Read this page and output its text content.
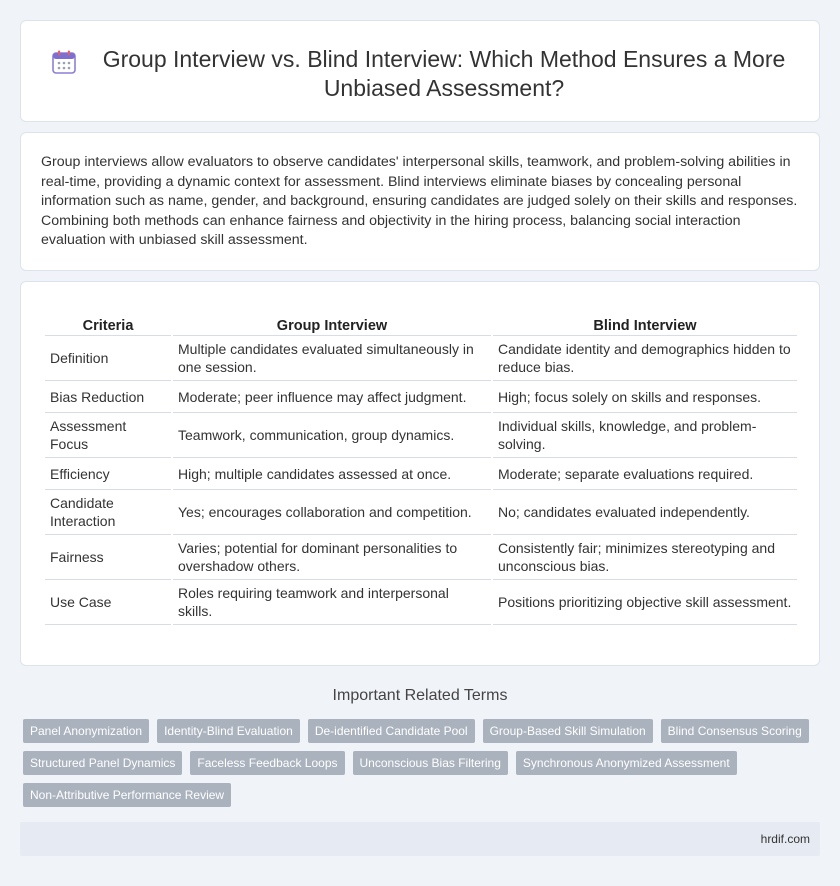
Group Interview vs. Blind Interview: Which Method Ensures a More Unbiased Assessment?

Group interviews allow evaluators to observe candidates' interpersonal skills, teamwork, and problem-solving abilities in real-time, providing a dynamic context for assessment. Blind interviews eliminate biases by concealing personal information such as name, gender, and background, ensuring candidates are judged solely on their skills and responses. Combining both methods can enhance fairness and objectivity in the hiring process, balancing social interaction evaluation with unbiased skill assessment.

Criteria	Group Interview	Blind Interview
Definition	Multiple candidates evaluated simultaneously in one session.	Candidate identity and demographics hidden to reduce bias.
Bias Reduction	Moderate; peer influence may affect judgment.	High; focus solely on skills and responses.
Assessment Focus	Teamwork, communication, group dynamics.	Individual skills, knowledge, and problem-solving.
Efficiency	High; multiple candidates assessed at once.	Moderate; separate evaluations required.
Candidate Interaction	Yes; encourages collaboration and competition.	No; candidates evaluated independently.
Fairness	Varies; potential for dominant personalities to overshadow others.	Consistently fair; minimizes stereotyping and unconscious bias.
Use Case	Roles requiring teamwork and interpersonal skills.	Positions prioritizing objective skill assessment.
Important Related Terms
Panel Anonymization	Identity-Blind Evaluation	De-identified Candidate Pool	Group-Based Skill Simulation	Blind Consensus Scoring
Structured Panel Dynamics	Faceless Feedback Loops	Unconscious Bias Filtering	Synchronous Anonymized Assessment
Non-Attributive Performance Review
hrdif.com
